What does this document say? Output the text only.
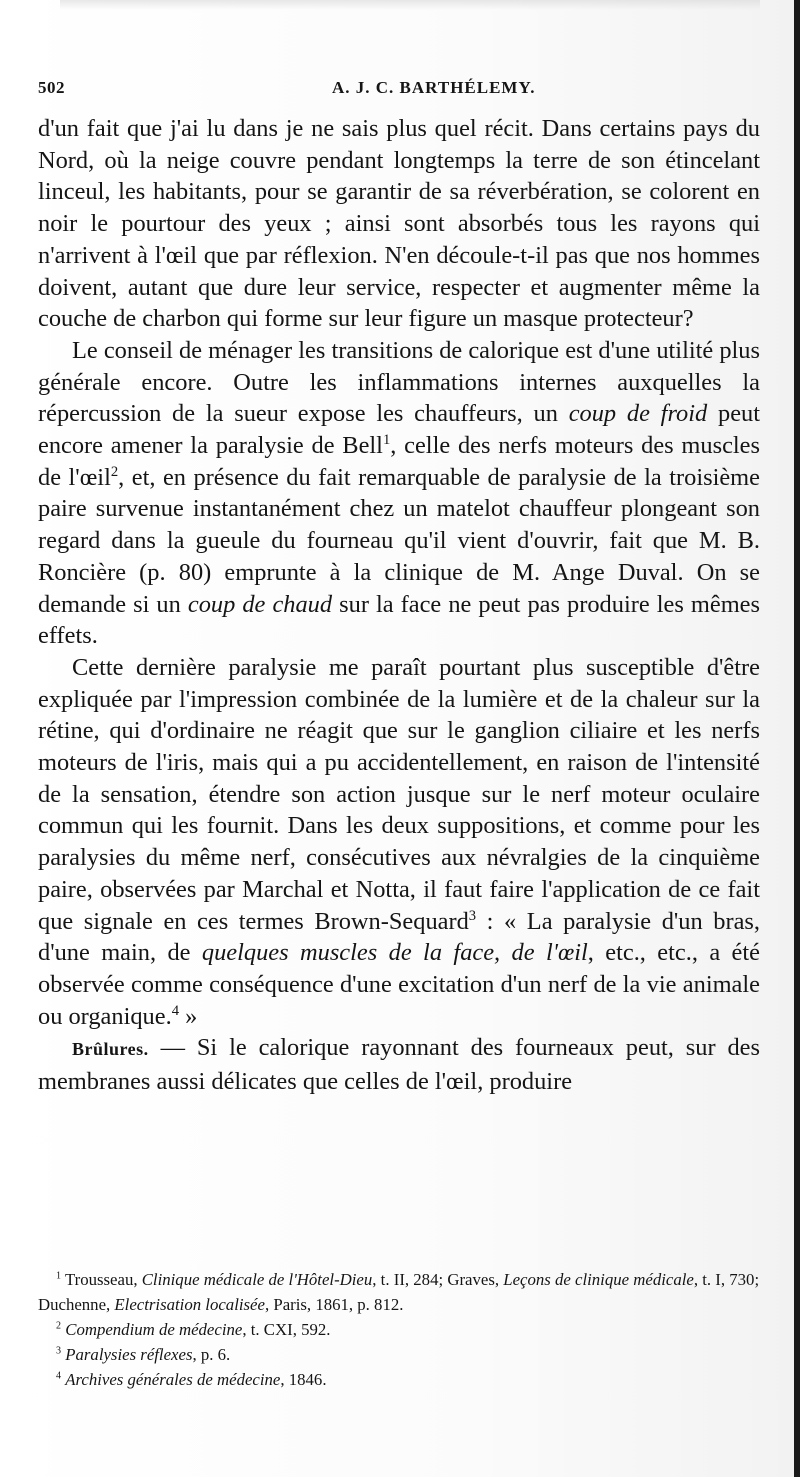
502	A. J. C. BARTHÉLEMY.

d'un fait que j'ai lu dans je ne sais plus quel récit. Dans certains pays du Nord, où la neige couvre pendant longtemps la terre de son étincelant linceul, les habitants, pour se garantir de sa réverbération, se colorent en noir le pourtour des yeux ; ainsi sont absorbés tous les rayons qui n'arrivent à l'œil que par réflexion. N'en découle-t-il pas que nos hommes doivent, autant que dure leur service, respecter et augmenter même la couche de charbon qui forme sur leur figure un masque protecteur?

Le conseil de ménager les transitions de calorique est d'une utilité plus générale encore. Outre les inflammations internes auxquelles la répercussion de la sueur expose les chauffeurs, un coup de froid peut encore amener la paralysie de Bell$^1$, celle des nerfs moteurs des muscles de l'œil$^2$, et, en présence du fait remarquable de paralysie de la troisième paire survenue instantanément chez un matelot chauffeur plongeant son regard dans la gueule du fourneau qu'il vient d'ouvrir, fait que M. B. Roncière (p. 80) emprunte à la clinique de M. Ange Duval. On se demande si un coup de chaud sur la face ne peut pas produire les mêmes effets.

Cette dernière paralysie me paraît pourtant plus susceptible d'être expliquée par l'impression combinée de la lumière et de la chaleur sur la rétine, qui d'ordinaire ne réagit que sur le ganglion ciliaire et les nerfs moteurs de l'iris, mais qui a pu accidentellement, en raison de l'intensité de la sensation, étendre son action jusque sur le nerf moteur oculaire commun qui les fournit. Dans les deux suppositions, et comme pour les paralysies du même nerf, consécutives aux névralgies de la cinquième paire, observées par Marchal et Notta, il faut faire l'application de ce fait que signale en ces termes Brown-Sequard$^3$ : « La paralysie d'un bras, d'une main, de quelques muscles de la face, de l'œil, etc., etc., a été observée comme conséquence d'une excitation d'un nerf de la vie animale ou organique.$^4$ »

Brûlures. — Si le calorique rayonnant des fourneaux peut, sur des membranes aussi délicates que celles de l'œil, produire

$^1$ Trousseau, Clinique médicale de l'Hôtel-Dieu, t. II, 284; Graves, Leçons de clinique médicale, t. I, 730; Duchenne, Electrisation localisée, Paris, 1861, p. 812.

$^2$ Compendium de médecine, t. CXI, 592.

$^3$ Paralysies réflexes, p. 6.

$^4$ Archives générales de médecine, 1846.
